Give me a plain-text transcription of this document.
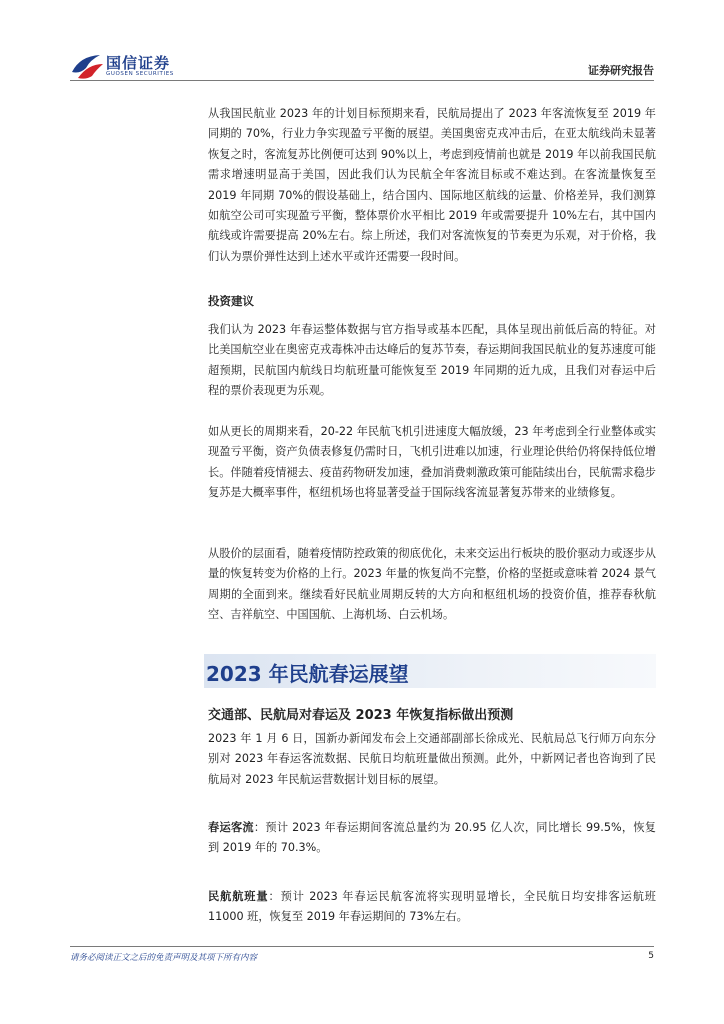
国信证券
GUOSEN SECURITIES	证券研究报告

从我国民航业 2023 年的计划目标预期来看，民航局提出了 2023 年客流恢复至 2019 年同期的 70%，行业力争实现盈亏平衡的展望。美国奥密克戎冲击后，在亚太航线尚未显著恢复之时，客流复苏比例便可达到 90%以上，考虑到疫情前也就是 2019 年以前我国民航需求增速明显高于美国，因此我们认为民航全年客流目标或不难达到。在客流量恢复至 2019 年同期 70%的假设基础上，结合国内、国际地区航线的运量、价格差异，我们测算如航空公司可实现盈亏平衡，整体票价水平相比 2019 年或需要提升 10%左右，其中国内航线或许需要提高 20%左右。综上所述，我们对客流恢复的节奏更为乐观，对于价格，我们认为票价弹性达到上述水平或许还需要一段时间。

投资建议

我们认为 2023 年春运整体数据与官方指导或基本匹配，具体呈现出前低后高的特征。对比美国航空业在奥密克戎毒株冲击达峰后的复苏节奏，春运期间我国民航业的复苏速度可能超预期，民航国内航线日均航班量可能恢复至 2019 年同期的近九成，且我们对春运中后程的票价表现更为乐观。

如从更长的周期来看，20-22 年民航飞机引进速度大幅放缓，23 年考虑到全行业整体或实现盈亏平衡，资产负债表修复仍需时日，飞机引进难以加速，行业理论供给仍将保持低位增长。伴随着疫情褪去、疫苗药物研发加速，叠加消费刺激政策可能陆续出台，民航需求稳步复苏是大概率事件，枢纽机场也将显著受益于国际线客流显著复苏带来的业绩修复。

从股价的层面看，随着疫情防控政策的彻底优化，未来交运出行板块的股价驱动力或逐步从量的恢复转变为价格的上行。2023 年量的恢复尚不完整，价格的坚挺或意味着 2024 景气周期的全面到来。继续看好民航业周期反转的大方向和枢纽机场的投资价值，推荐春秋航空、吉祥航空、中国国航、上海机场、白云机场。

2023 年民航春运展望

交通部、民航局对春运及 2023 年恢复指标做出预测

2023 年 1 月 6 日，国新办新闻发布会上交通部副部长徐成光、民航局总飞行师万向东分别对 2023 年春运客流数据、民航日均航班量做出预测。此外，中新网记者也咨询到了民航局对 2023 年民航运营数据计划目标的展望。

春运客流：预计 2023 年春运期间客流总量约为 20.95 亿人次，同比增长 99.5%，恢复到 2019 年的 70.3%。

民航航班量：预计 2023 年春运民航客流将实现明显增长，全民航日均安排客运航班 11000 班，恢复至 2019 年春运期间的 73%左右。

请务必阅读正文之后的免责声明及其项下所有内容	5
